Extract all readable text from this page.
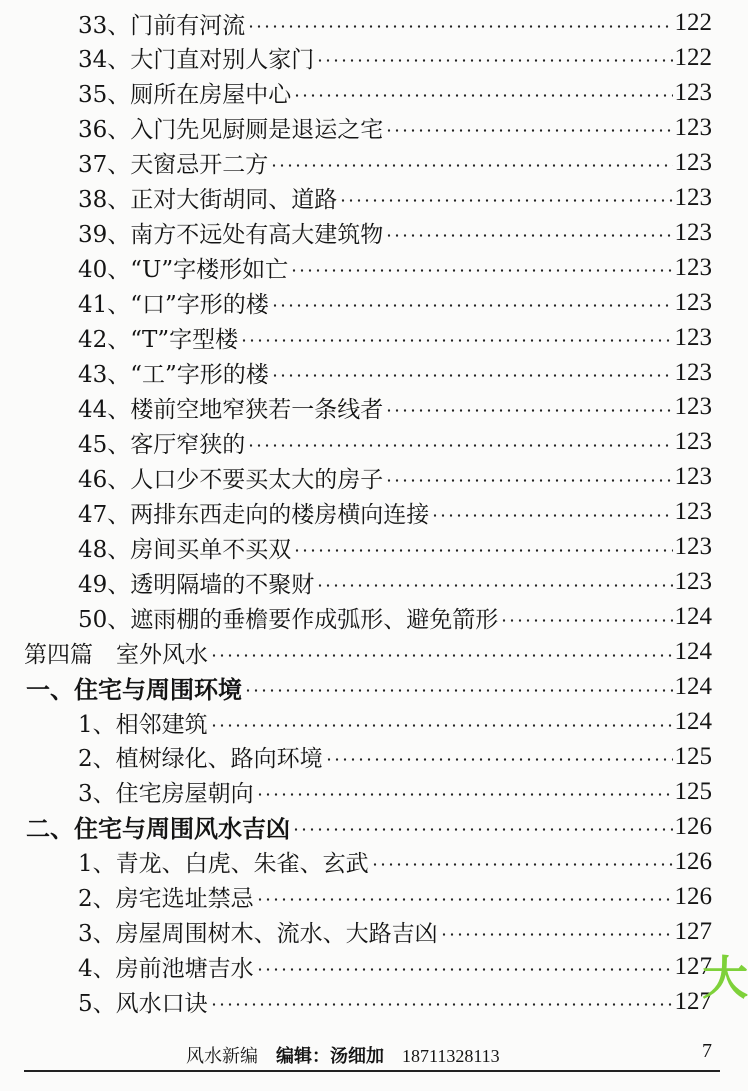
33、 门前有河流	122
34、 大门直对别人家门	122
35、 厕所在房屋中心	123
36、 入门先见厨厕是退运之宅	123
37、 天窗忌开二方	123
38、 正对大街胡同、道路	123
39、 南方不远处有高大建筑物	123
40、 “U”字楼形如亡	123
41、 “口”字形的楼	123
42、 “T”字型楼	123
43、 “工”字形的楼	123
44、 楼前空地窄狭若一条线者	123
45、 客厅窄狭的	123
46、 人口少不要买太大的房子	123
47、 两排东西走向的楼房横向连接	123
48、 房间买单不买双	123
49、 透明隔墙的不聚财	123
50、 遮雨棚的垂檐要作成弧形、避免箭形	124
第四篇　 室外风水	124
一、 住宅与周围环境	124
1、 相邻建筑	124
2、 植树绿化、路向环境	125
3、 住宅房屋朝向	125
二、 住宅与周围风水吉凶	126
1、 青龙、白虎、朱雀、玄武	126
2、 房宅选址禁忌	126
3、 房屋周围树木、流水、大路吉凶	127
4、 房前池塘吉水	127
5、 风水口诀	127
风水新编 编辑：汤细加 18711328113	7
大
